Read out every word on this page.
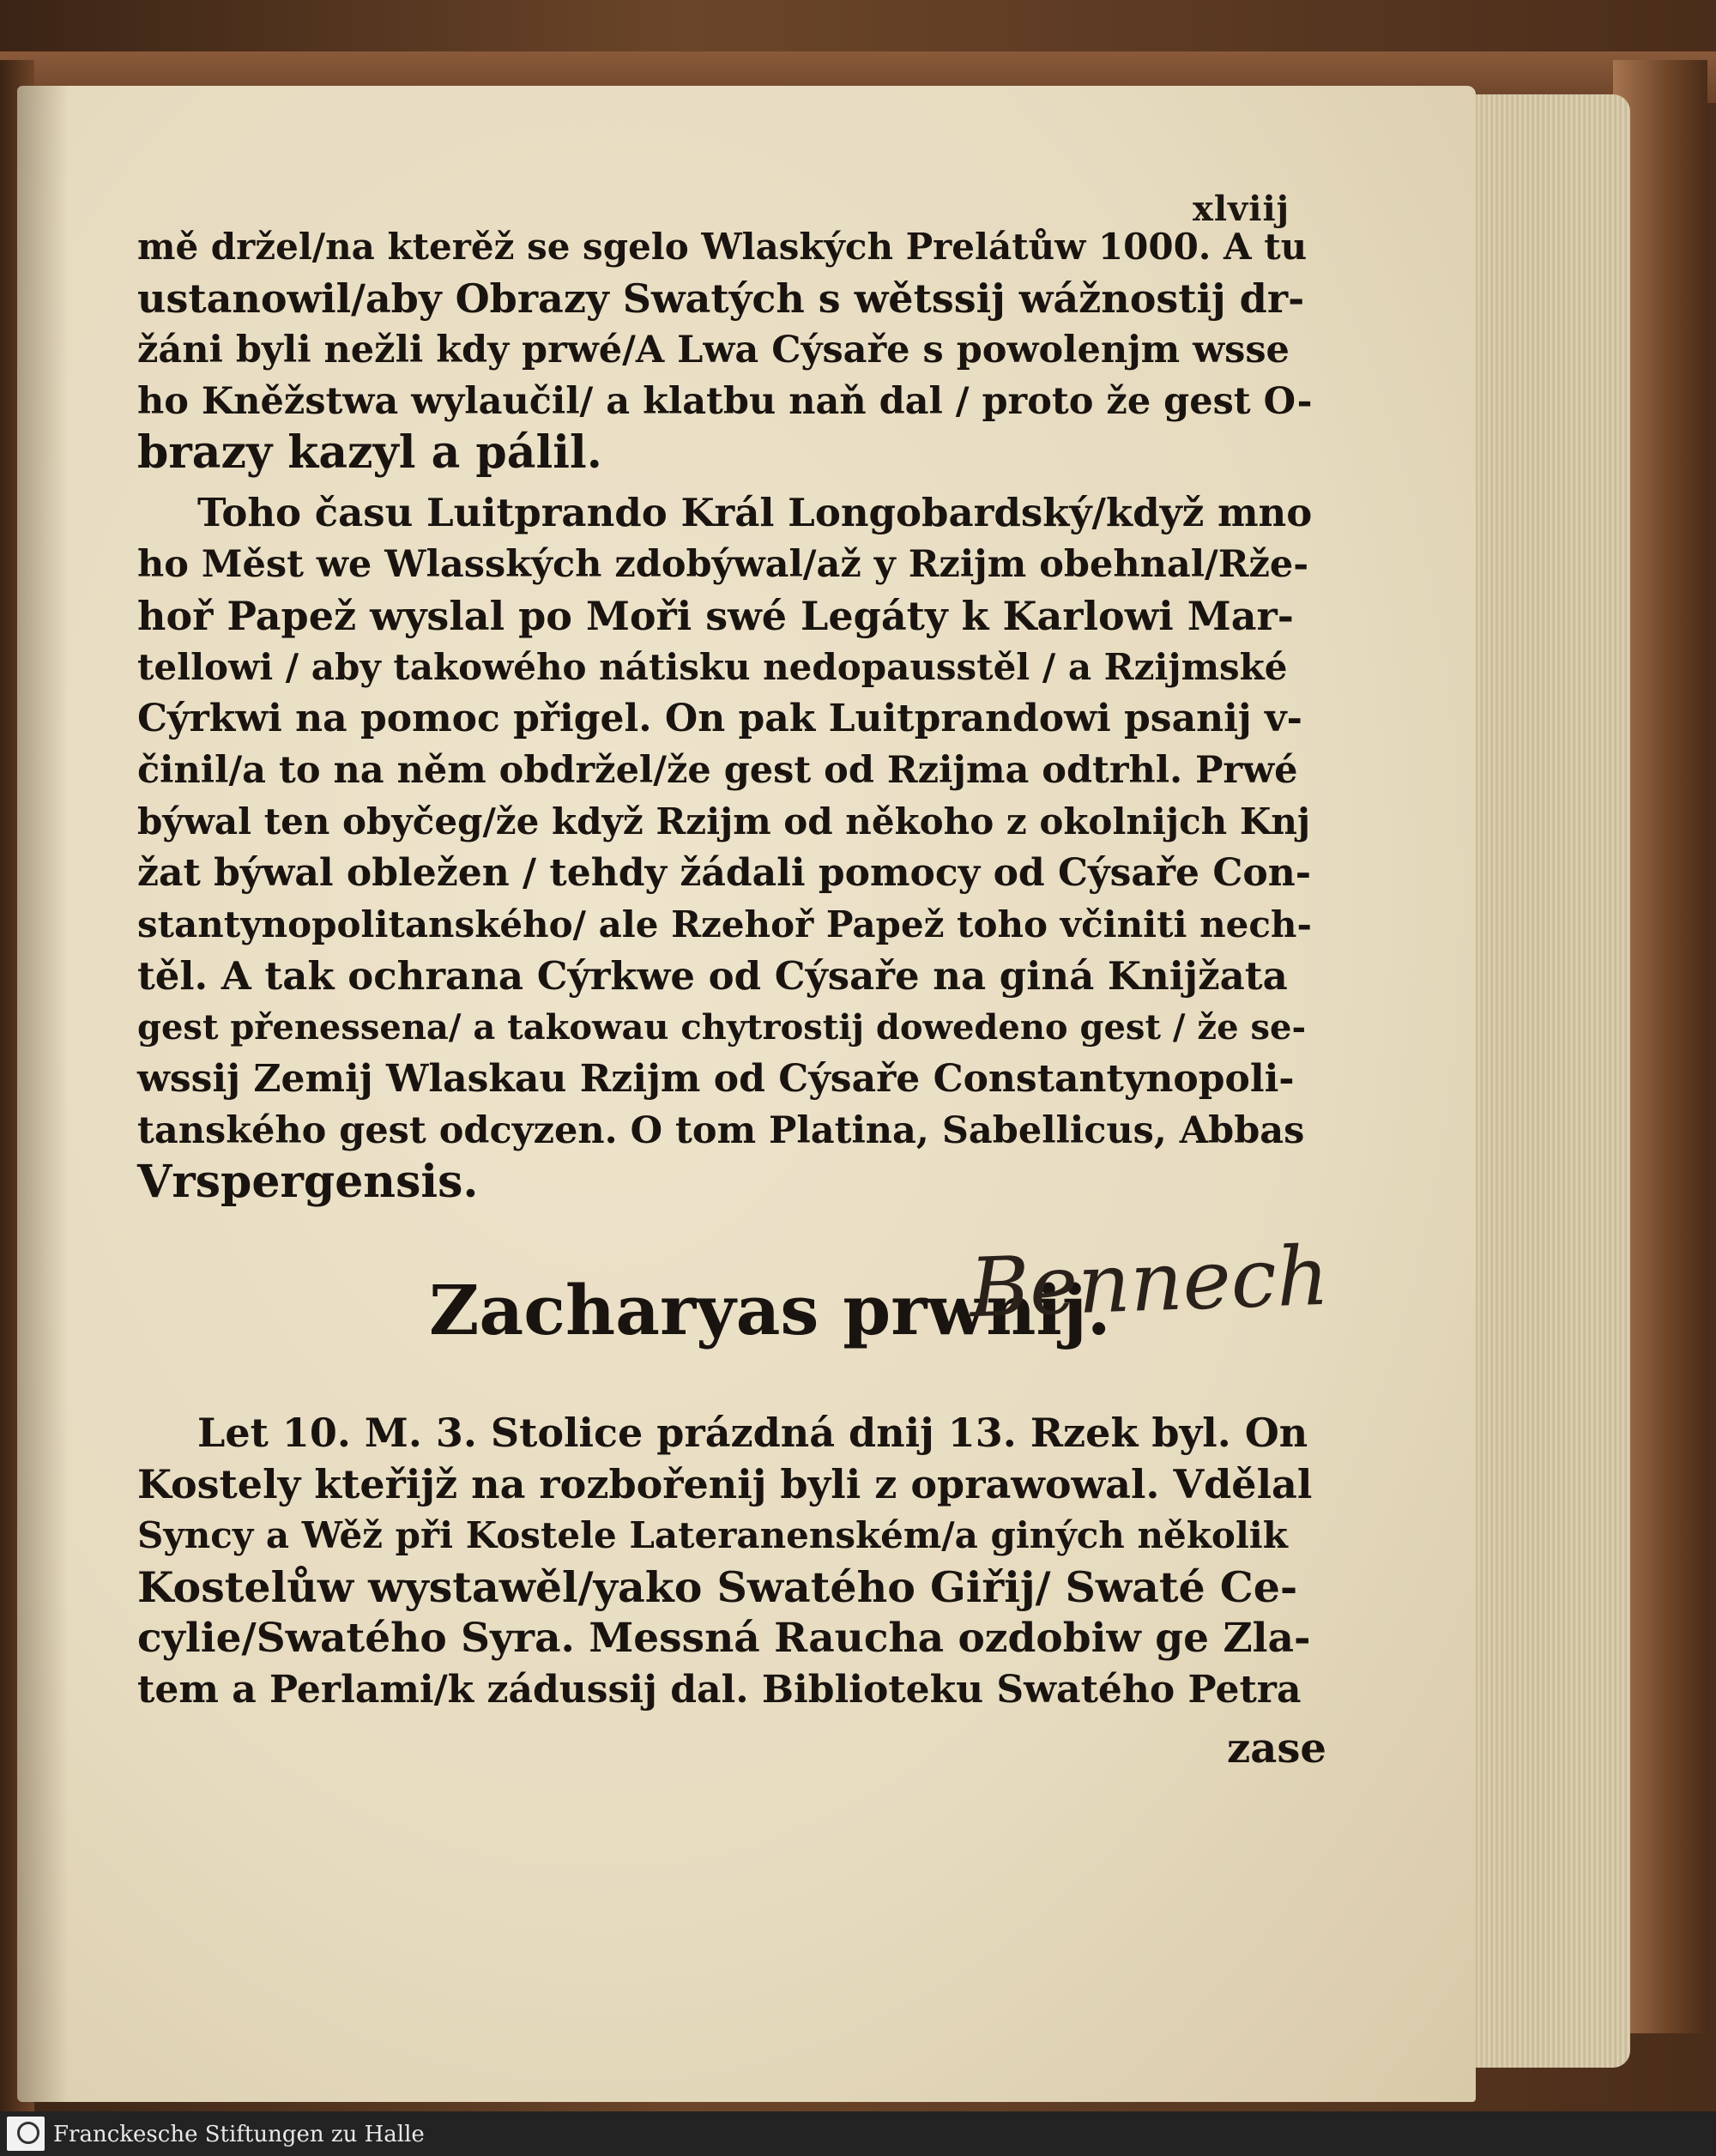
xlviij
mě držel/na kterěž se sgelo Wlaských Prelátůw 1000. A tu
ustanowil/aby Obrazy Swatých s wětssij wážnostij dr-
žáni byli nežli kdy prwé/A Lwa Cýsaře s powolenjm wsse
ho Kněžstwa wylaučil/ a klatbu naň dal / proto že gest O-
brazy kazyl a pálil.
Toho času Luitprando Král Longobardský/když mno
ho Měst we Wlasských zdobýwal/až y Rzijm obehnal/Rže-
hoř Papež wyslal po Moři swé Legáty k Karlowi Mar-
tellowi / aby takowého nátisku nedopausstěl / a Rzijmské
Cýrkwi na pomoc přigel. On pak Luitprandowi psanij v-
činil/a to na něm obdržel/že gest od Rzijma odtrhl. Prwé
býwal ten obyčeg/že když Rzijm od někoho z okolnijch Knj
žat býwal obležen / tehdy žádali pomocy od Cýsaře Con-
stantynopolitanského/ ale Rzehoř Papež toho včiniti nech-
těl. A tak ochrana Cýrkwe od Cýsaře na giná Knijžata
gest přenessena/ a takowau chytrostij dowedeno gest / že se-
wssij Zemij Wlaskau Rzijm od Cýsaře Constantynopoli-
tanského gest odcyzen. O tom Platina, Sabellicus, Abbas
Vrspergensis.
Zacharyas prwnij.
Bennech
Let 10. M. 3. Stolice prázdná dnij 13. Rzek byl. On
Kostely kteřijž na rozbořenij byli z oprawowal. Vdělal
Syncy a Wěž při Kostele Lateranenském/a giných několik
Kostelůw wystawěl/yako Swatého Giřij/ Swaté Ce-
cylie/Swatého Syra. Messná Raucha ozdobiw ge Zla-
tem a Perlami/k zádussij dal. Biblioteku Swatého Petra
zase
Franckesche Stiftungen zu Halle
